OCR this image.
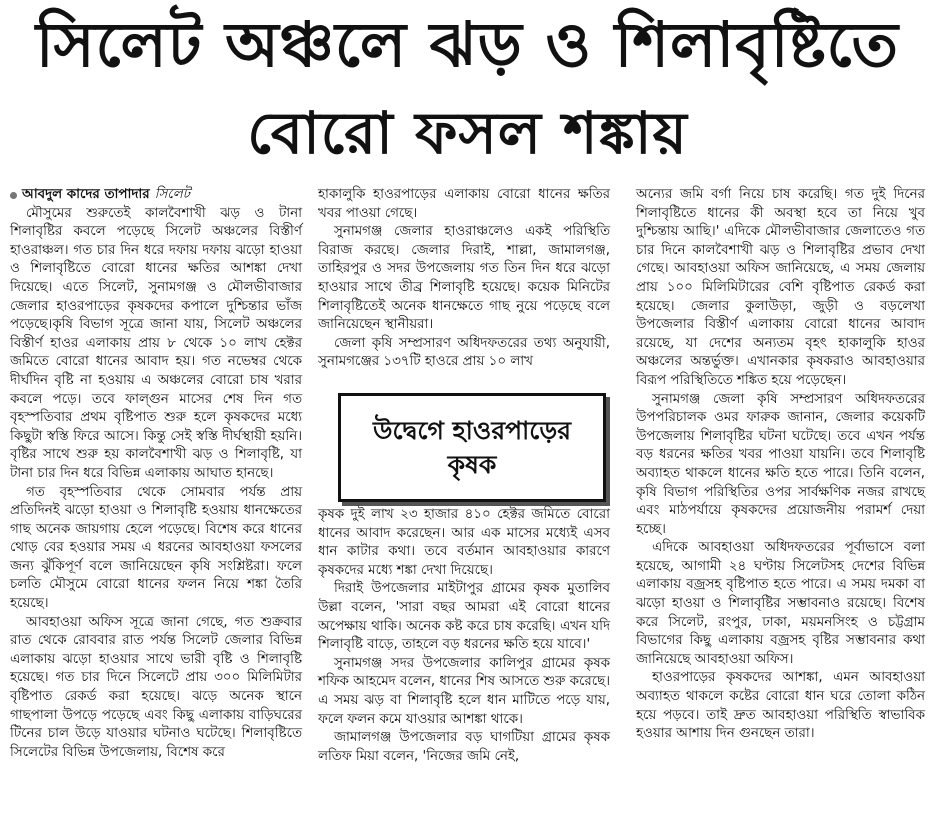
সিলেট অঞ্চলে ঝড় ও শিলাবৃষ্টিতে
বোরো ফসল শঙ্কায়
আবদুল কাদের তাপাদার সিলেট

মৌসুমের শুরুতেই কালবৈশাখী ঝড় ও টানা শিলাবৃষ্টির কবলে পড়েছে সিলেট অঞ্চলের বিস্তীর্ণ হাওরাঞ্চল। গত চার দিন ধরে দফায় দফায় ঝড়ো হাওয়া ও শিলাবৃষ্টিতে বোরো ধানের ক্ষতির আশঙ্কা দেখা দিয়েছে। এতে সিলেট, সুনামগঞ্জ ও মৌলভীবাজার জেলার হাওরপাড়ের কৃষকদের কপালে দুশ্চিন্তার ভাঁজ পড়েছে।কৃষি বিভাগ সূত্রে জানা যায়, সিলেট অঞ্চলের বিস্তীর্ণ হাওর এলাকায় প্রায় ৮ থেকে ১০ লাখ হেক্টর জমিতে বোরো ধানের আবাদ হয়। গত নভেম্বর থেকে দীর্ঘদিন বৃষ্টি না হওয়ায় এ অঞ্চলের বোরো চাষ খরার কবলে পড়ে। তবে ফাল্গুন মাসের শেষ দিন গত বৃহস্পতিবার প্রথম বৃষ্টিপাত শুরু হলে কৃষকদের মধ্যে কিছুটা স্বস্তি ফিরে আসে। কিন্তু সেই স্বস্তি দীর্ঘস্থায়ী হয়নি। বৃষ্টির সাথে শুরু হয় কালবৈশাখী ঝড় ও শিলাবৃষ্টি, যা টানা চার দিন ধরে বিভিন্ন এলাকায় আঘাত হানছে।

গত বৃহস্পতিবার থেকে সোমবার পর্যন্ত প্রায় প্রতিদিনই ঝড়ো হাওয়া ও শিলাবৃষ্টি হওয়ায় ধানক্ষেতের গাছ অনেক জায়গায় হেলে পড়েছে। বিশেষ করে ধানের থোড় বের হওয়ার সময় এ ধরনের আবহাওয়া ফসলের জন্য ঝুঁকিপূর্ণ বলে জানিয়েছেন কৃষি সংশ্লিষ্টরা। ফলে চলতি মৌসুমে বোরো ধানের ফলন নিয়ে শঙ্কা তৈরি হয়েছে।

আবহাওয়া অফিস সূত্রে জানা গেছে, গত শুক্রবার রাত থেকে রোববার রাত পর্যন্ত সিলেট জেলার বিভিন্ন এলাকায় ঝড়ো হাওয়ার সাথে ভারী বৃষ্টি ও শিলাবৃষ্টি হয়েছে। গত চার দিনে সিলেটে প্রায় ৩০০ মিলিমিটার বৃষ্টিপাত রেকর্ড করা হয়েছে। ঝড়ে অনেক স্থানে গাছপালা উপড়ে পড়েছে এবং কিছু এলাকায় বাড়িঘরের টিনের চাল উড়ে যাওয়ার ঘটনাও ঘটেছে। শিলাবৃষ্টিতে সিলেটের বিভিন্ন উপজেলায়, বিশেষ করে

হাকালুকি হাওরপাড়ের এলাকায় বোরো ধানের ক্ষতির খবর পাওয়া গেছে।

সুনামগঞ্জ জেলার হাওরাঞ্চলেও একই পরিস্থিতি বিরাজ করছে। জেলার দিরাই, শাল্লা, জামালগঞ্জ, তাহিরপুর ও সদর উপজেলায় গত তিন দিন ধরে ঝড়ো হাওয়ার সাথে তীব্র শিলাবৃষ্টি হয়েছে। কয়েক মিনিটের শিলাবৃষ্টিতেই অনেক ধানক্ষেতে গাছ নুয়ে পড়েছে বলে জানিয়েছেন স্থানীয়রা।

জেলা কৃষি সম্প্রসারণ অধিদফতরের তথ্য অনুযায়ী, সুনামগঞ্জের ১৩৭টি হাওরে প্রায় ১০ লাখ

উদ্বেগে হাওরপাড়ের কৃষক

কৃষক দুই লাখ ২৩ হাজার ৪১০ হেক্টর জমিতে বোরো ধানের আবাদ করেছেন। আর এক মাসের মধ্যেই এসব ধান কাটার কথা। তবে বর্তমান আবহাওয়ার কারণে কৃষকদের মধ্যে শঙ্কা দেখা দিয়েছে।

দিরাই উপজেলার মাইটাপুর গ্রামের কৃষক মুতালিব উল্লা বলেন, 'সারা বছর আমরা এই বোরো ধানের অপেক্ষায় থাকি। অনেক কষ্ট করে চাষ করেছি। এখন যদি শিলাবৃষ্টি বাড়ে, তাহলে বড় ধরনের ক্ষতি হয়ে যাবে।'

সুনামগঞ্জ সদর উপজেলার কালিপুর গ্রামের কৃষক শফিক আহমেদ বলেন, ধানের শিষ আসতে শুরু করেছে। এ সময় ঝড় বা শিলাবৃষ্টি হলে ধান মাটিতে পড়ে যায়, ফলে ফলন কমে যাওয়ার আশঙ্কা থাকে।

জামালগঞ্জ উপজেলার বড় ঘাগটিয়া গ্রামের কৃষক লতিফ মিয়া বলেন, 'নিজের জমি নেই,

অন্যের জমি বর্গা নিয়ে চাষ করেছি। গত দুই দিনের শিলাবৃষ্টিতে ধানের কী অবস্থা হবে তা নিয়ে খুব দুশ্চিন্তায় আছি।' এদিকে মৌলভীবাজার জেলাতেও গত চার দিনে কালবৈশাখী ঝড় ও শিলাবৃষ্টির প্রভাব দেখা গেছে। আবহাওয়া অফিস জানিয়েছে, এ সময় জেলায় প্রায় ১০০ মিলিমিটারের বেশি বৃষ্টিপাত রেকর্ড করা হয়েছে। জেলার কুলাউড়া, জুড়ী ও বড়লেখা উপজেলার বিস্তীর্ণ এলাকায় বোরো ধানের আবাদ রয়েছে, যা দেশের অন্যতম বৃহৎ হাকালুকি হাওর অঞ্চলের অন্তর্ভুক্ত। এখানকার কৃষকরাও আবহাওয়ার বিরূপ পরিস্থিতিতে শঙ্কিত হয়ে পড়েছেন।

সুনামগঞ্জ জেলা কৃষি সম্প্রসারণ অধিদফতরের উপপরিচালক ওমর ফারুক জানান, জেলার কয়েকটি উপজেলায় শিলাবৃষ্টির ঘটনা ঘটেছে। তবে এখন পর্যন্ত বড় ধরনের ক্ষতির খবর পাওয়া যায়নি। তবে শিলাবৃষ্টি অব্যাহত থাকলে ধানের ক্ষতি হতে পারে। তিনি বলেন, কৃষি বিভাগ পরিস্থিতির ওপর সার্বক্ষণিক নজর রাখছে এবং মাঠপর্যায়ে কৃষকদের প্রয়োজনীয় পরামর্শ দেয়া হচ্ছে।

এদিকে আবহাওয়া অধিদফতরের পূর্বাভাসে বলা হয়েছে, আগামী ২৪ ঘণ্টায় সিলেটসহ দেশের বিভিন্ন এলাকায় বজ্রসহ বৃষ্টিপাত হতে পারে। এ সময় দমকা বা ঝড়ো হাওয়া ও শিলাবৃষ্টির সম্ভাবনাও রয়েছে। বিশেষ করে সিলেট, রংপুর, ঢাকা, ময়মনসিংহ ও চট্টগ্রাম বিভাগের কিছু এলাকায় বজ্রসহ বৃষ্টির সম্ভাবনার কথা জানিয়েছে আবহাওয়া অফিস।

হাওরপাড়ের কৃষকদের আশঙ্কা, এমন আবহাওয়া অব্যাহত থাকলে কষ্টের বোরো ধান ঘরে তোলা কঠিন হয়ে পড়বে। তাই দ্রুত আবহাওয়া পরিস্থিতি স্বাভাবিক হওয়ার আশায় দিন গুনছেন তারা।
